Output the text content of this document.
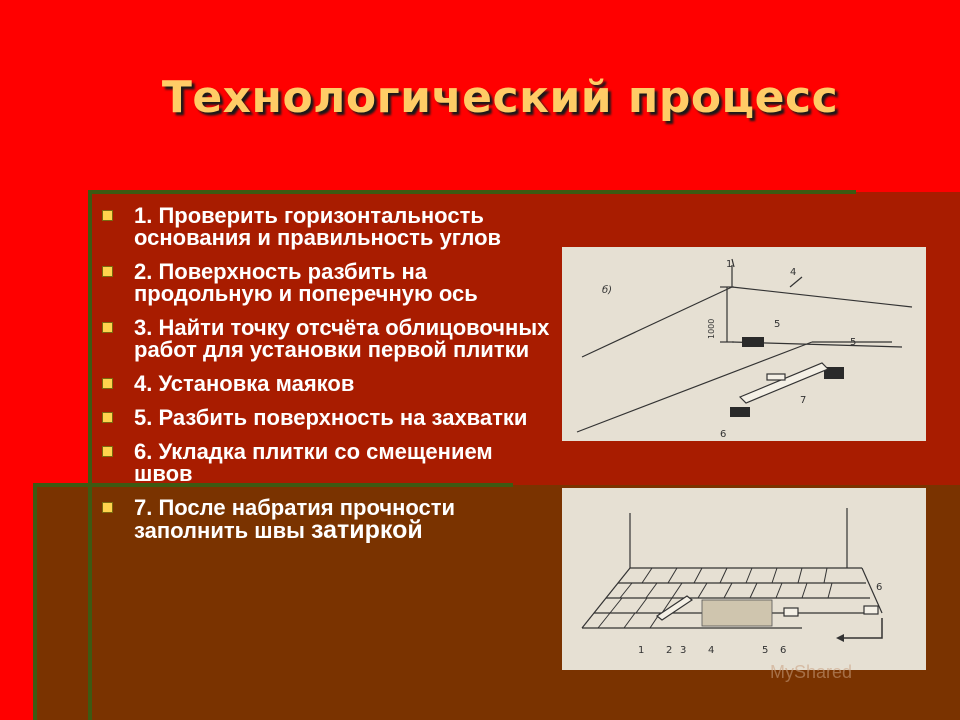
Технологический процесс
1. Проверить горизонтальность основания и правильность углов
2. Поверхность разбить на продольную и поперечную ось
3. Найти точку отсчёта облицовочных работ для установки первой плитки
4. Установка маяков
5. Разбить поверхность на захватки
6. Укладка плитки со смещением швов
7. После набратия прочности заполнить швы затиркой
1
4
б)
5
5
7
6
1000
1 2 3 4	5 6
6
MyShared
